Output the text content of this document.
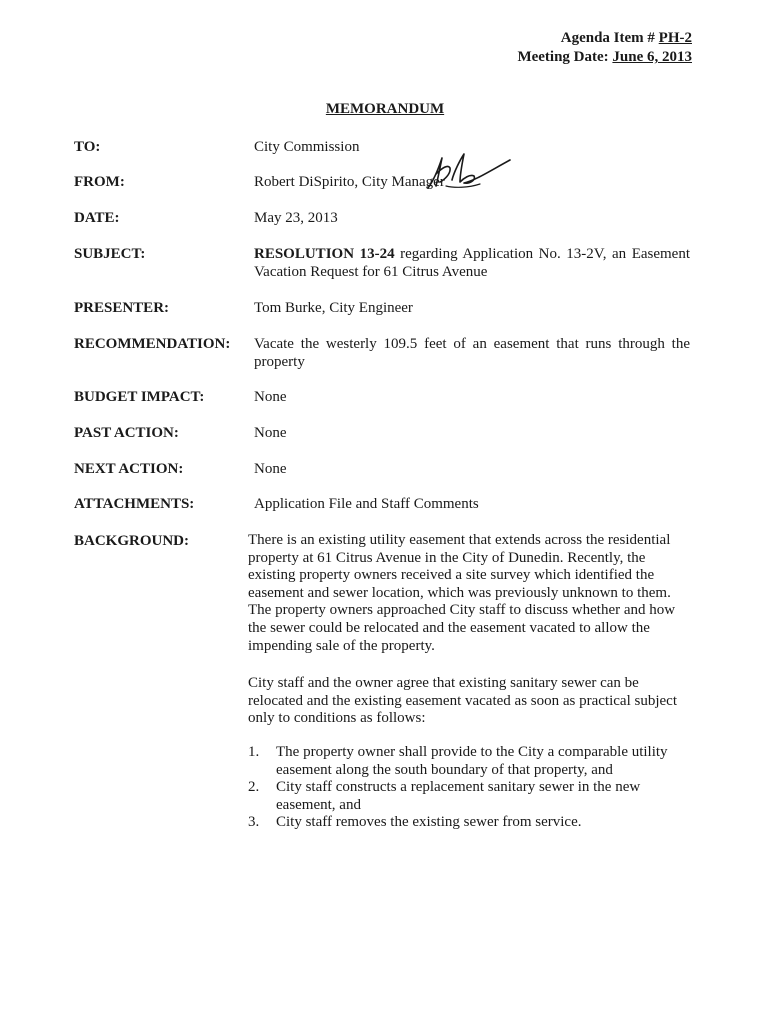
Agenda Item # PH-2
Meeting Date: June 6, 2013
MEMORANDUM
TO:	City Commission
FROM:	Robert DiSpirito, City Manager
DATE:	May 23, 2013
SUBJECT:	RESOLUTION 13-24 regarding Application No. 13-2V, an Easement Vacation Request for 61 Citrus Avenue
PRESENTER:	Tom Burke, City Engineer
RECOMMENDATION:	Vacate the westerly 109.5 feet of an easement that runs through the property
BUDGET IMPACT:	None
PAST ACTION:	None
NEXT ACTION:	None
ATTACHMENTS:	Application File and Staff Comments
BACKGROUND:	There is an existing utility easement that extends across the residential property at 61 Citrus Avenue in the City of Dunedin. Recently, the existing property owners received a site survey which identified the easement and sewer location, which was previously unknown to them. The property owners approached City staff to discuss whether and how the sewer could be relocated and the easement vacated to allow the impending sale of the property.
City staff and the owner agree that existing sanitary sewer can be relocated and the existing easement vacated as soon as practical subject only to conditions as follows:
1. The property owner shall provide to the City a comparable utility easement along the south boundary of that property, and
2. City staff constructs a replacement sanitary sewer in the new easement, and
3. City staff removes the existing sewer from service.
